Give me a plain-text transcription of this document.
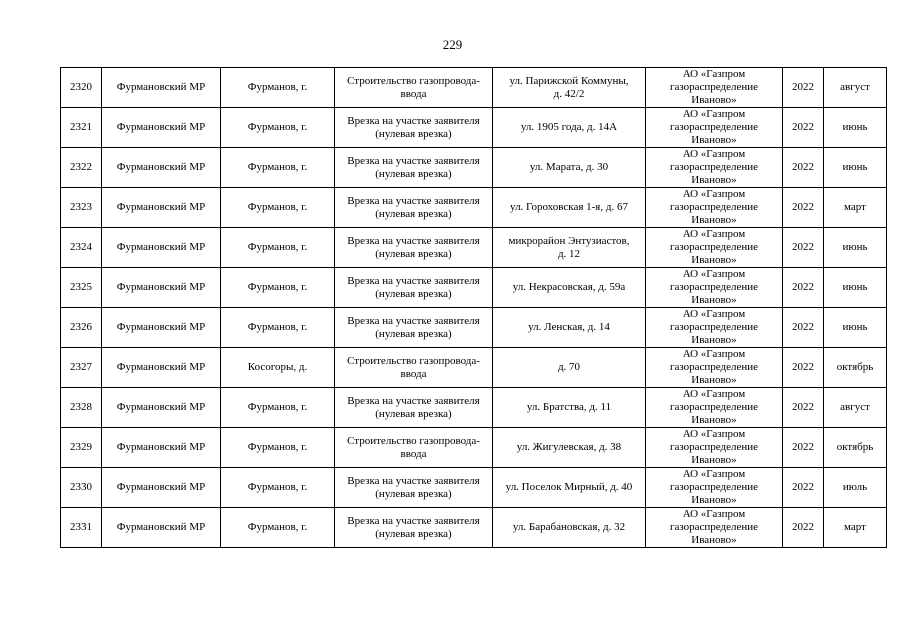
229
2320	Фурмановский МР	Фурманов, г.	Строительство газопровода-
ввода	ул. Парижской Коммуны,
д. 42/2	АО «Газпром
газораспределение
Иваново»	2022	август
2321	Фурмановский МР	Фурманов, г.	Врезка на участке заявителя
(нулевая врезка)	ул. 1905 года, д. 14А	АО «Газпром
газораспределение
Иваново»	2022	июнь
2322	Фурмановский МР	Фурманов, г.	Врезка на участке заявителя
(нулевая врезка)	ул. Марата, д. 30	АО «Газпром
газораспределение
Иваново»	2022	июнь
2323	Фурмановский МР	Фурманов, г.	Врезка на участке заявителя
(нулевая врезка)	ул. Гороховская 1-я, д. 67	АО «Газпром
газораспределение
Иваново»	2022	март
2324	Фурмановский МР	Фурманов, г.	Врезка на участке заявителя
(нулевая врезка)	микрорайон Энтузиастов,
д. 12	АО «Газпром
газораспределение
Иваново»	2022	июнь
2325	Фурмановский МР	Фурманов, г.	Врезка на участке заявителя
(нулевая врезка)	ул. Некрасовская, д. 59а	АО «Газпром
газораспределение
Иваново»	2022	июнь
2326	Фурмановский МР	Фурманов, г.	Врезка на участке заявителя
(нулевая врезка)	ул. Ленская, д. 14	АО «Газпром
газораспределение
Иваново»	2022	июнь
2327	Фурмановский МР	Косогоры, д.	Строительство газопровода-
ввода	д. 70	АО «Газпром
газораспределение
Иваново»	2022	октябрь
2328	Фурмановский МР	Фурманов, г.	Врезка на участке заявителя
(нулевая врезка)	ул. Братства, д. 11	АО «Газпром
газораспределение
Иваново»	2022	август
2329	Фурмановский МР	Фурманов, г.	Строительство газопровода-
ввода	ул. Жигулевская, д. 38	АО «Газпром
газораспределение
Иваново»	2022	октябрь
2330	Фурмановский МР	Фурманов, г.	Врезка на участке заявителя
(нулевая врезка)	ул. Поселок Мирный, д. 40	АО «Газпром
газораспределение
Иваново»	2022	июль
2331	Фурмановский МР	Фурманов, г.	Врезка на участке заявителя
(нулевая врезка)	ул. Барабановская, д. 32	АО «Газпром
газораспределение
Иваново»	2022	март
